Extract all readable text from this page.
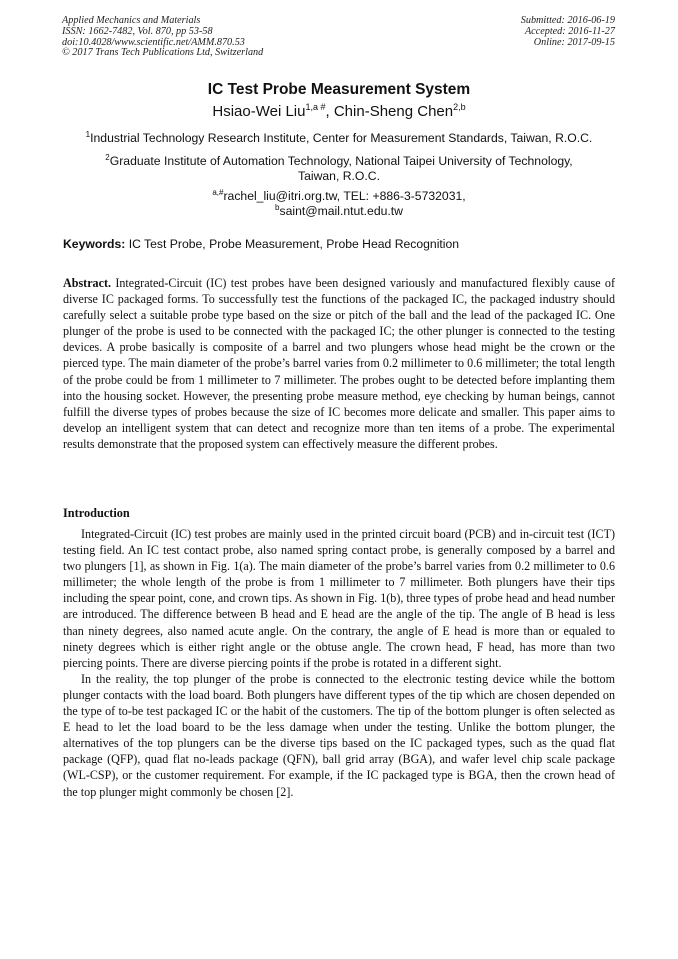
Applied Mechanics and Materials
ISSN: 1662-7482, Vol. 870, pp 53-58
doi:10.4028/www.scientific.net/AMM.870.53
© 2017 Trans Tech Publications Ltd, Switzerland
Submitted: 2016-06-19
Accepted: 2016-11-27
Online: 2017-09-15
IC Test Probe Measurement System
Hsiao-Wei Liu$^{1,a \#}$, Chin-Sheng Chen$^{2,b}$
$^1$Industrial Technology Research Institute, Center for Measurement Standards, Taiwan, R.O.C.
$^2$Graduate Institute of Automation Technology, National Taipei University of Technology,
Taiwan, R.O.C.
$^{a,\#}$rachel_liu@itri.org.tw, TEL: +886-3-5732031,
$^b$saint@mail.ntut.edu.tw
Keywords: IC Test Probe, Probe Measurement, Probe Head Recognition

Abstract. Integrated-Circuit (IC) test probes have been designed variously and manufactured flexibly cause of diverse IC packaged forms. To successfully test the functions of the packaged IC, the packaged industry should carefully select a suitable probe type based on the size or pitch of the ball and the lead of the packaged IC. One plunger of the probe is used to be connected with the packaged IC; the other plunger is connected to the testing devices. A probe basically is composite of a barrel and two plungers whose head might be the crown or the pierced type. The main diameter of the probe’s barrel varies from 0.2 millimeter to 0.6 millimeter; the total length of the probe could be from 1 millimeter to 7 millimeter. The probes ought to be detected before implanting them into the housing socket. However, the presenting probe measure method, eye checking by human beings, cannot fulfill the diverse types of probes because the size of IC becomes more delicate and smaller. This paper aims to develop an intelligent system that can detect and recognize more than ten items of a probe. The experimental results demonstrate that the proposed system can effectively measure the different probes.

Introduction

Integrated-Circuit (IC) test probes are mainly used in the printed circuit board (PCB) and in-circuit test (ICT) testing field. An IC test contact probe, also named spring contact probe, is generally composed by a barrel and two plungers [1], as shown in Fig. 1(a). The main diameter of the probe’s barrel varies from 0.2 millimeter to 0.6 millimeter; the whole length of the probe is from 1 millimeter to 7 millimeter. Both plungers have their tips including the spear point, cone, and crown tips. As shown in Fig. 1(b), three types of probe head and head number are introduced. The difference between B head and E head are the angle of the tip. The angle of B head is less than ninety degrees, also named acute angle. On the contrary, the angle of E head is more than or equaled to ninety degrees which is either right angle or the obtuse angle. The crown head, F head, has more than two piercing points. There are diverse piercing points if the probe is rotated in a different sight.

In the reality, the top plunger of the probe is connected to the electronic testing device while the bottom plunger contacts with the load board. Both plungers have different types of the tip which are chosen depended on the type of to-be test packaged IC or the habit of the customers. The tip of the bottom plunger is often selected as E head to let the load board to be the less damage when under the testing. Unlike the bottom plunger, the alternatives of the top plungers can be the diverse tips based on the IC packaged types, such as the quad flat package (QFP), quad flat no-leads package (QFN), ball grid array (BGA), and wafer level chip scale package (WL-CSP), or the customer requirement. For example, if the IC packaged type is BGA, then the crown head of the top plunger might commonly be chosen [2].
